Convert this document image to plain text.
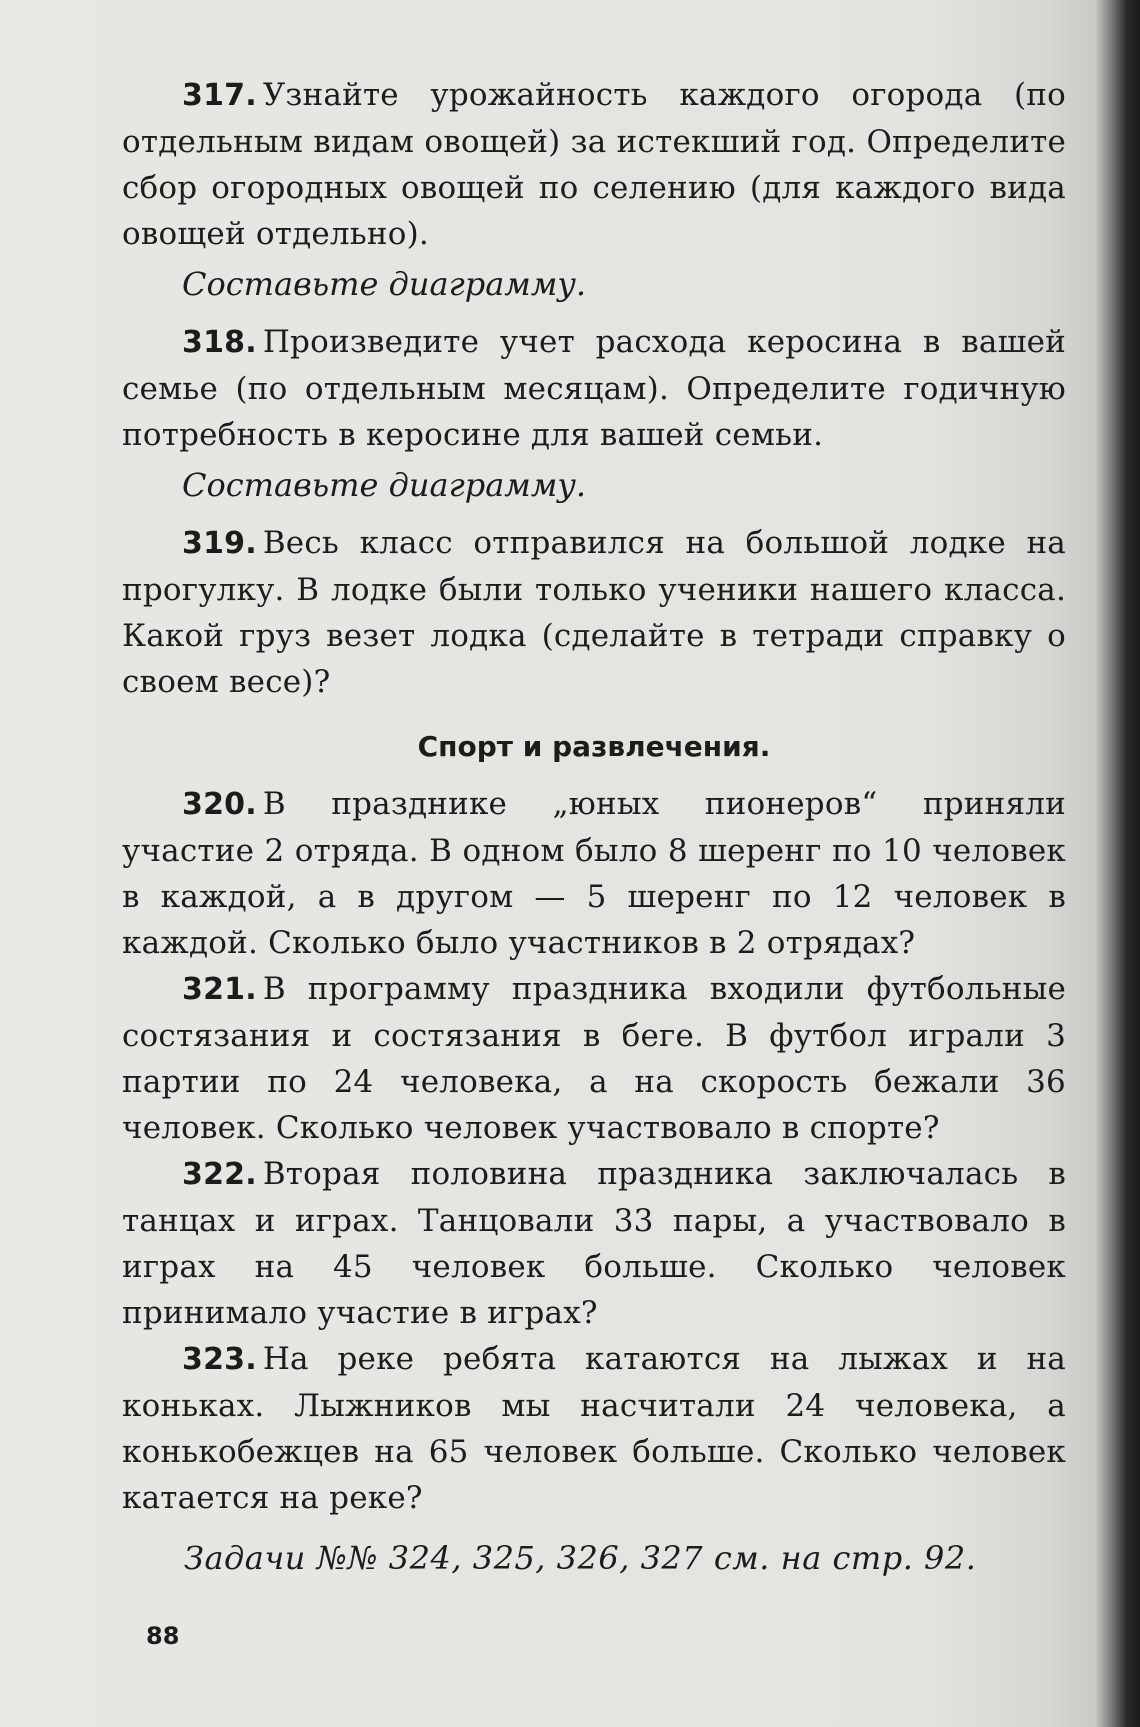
317. Узнайте урожайность каждого огорода (по отдельным видам овощей) за истекший год. Определите сбор огородных овощей по селению (для каждого вида овощей отдельно).

Составьте диаграмму.

318. Произведите учет расхода керосина в вашей семье (по отдельным месяцам). Определите годичную потребность в керосине для вашей семьи.

Составьте диаграмму.

319. Весь класс отправился на большой лодке на прогулку. В лодке были только ученики нашего класса. Какой груз везет лодка (сделайте в тетради справку о своем весе)?

Спорт и развлечения.

320. В празднике „юных пионеров“ приняли участие 2 отряда. В одном было 8 шеренг по 10 человек в каждой, а в другом — 5 шеренг по 12 человек в каждой. Сколько было участников в 2 отрядах?

321. В программу праздника входили футбольные состязания и состязания в беге. В футбол играли 3 партии по 24 человека, а на скорость бежали 36 человек. Сколько человек участвовало в спорте?

322. Вторая половина праздника заключалась в танцах и играх. Танцовали 33 пары, а участвовало в играх на 45 человек больше. Сколько человек принимало участие в играх?

323. На реке ребята катаются на лыжах и на коньках. Лыжников мы насчитали 24 человека, а конькобежцев на 65 человек больше. Сколько человек катается на реке?

Задачи №№ 324, 325, 326, 327 см. на стр. 92.

88
